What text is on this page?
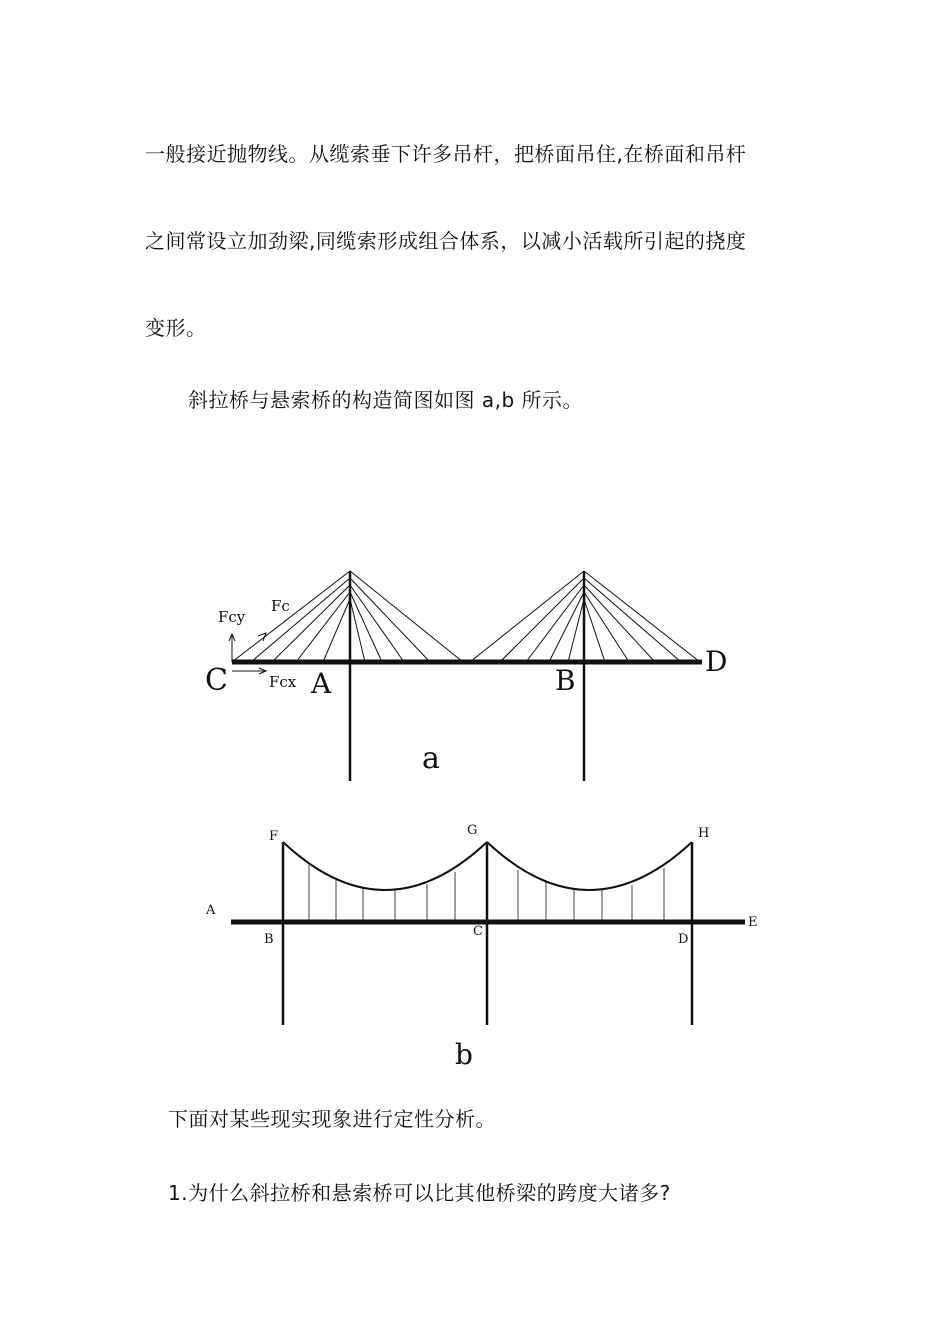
一般接近抛物线。从缆索垂下许多吊杆，把桥面吊住,在桥面和吊杆
之间常设立加劲梁,同缆索形成组合体系，以减小活载所引起的挠度
变形。
斜拉桥与悬索桥的构造简图如图 a,b 所示。
Fcy
Fc
Fcx
C	A	B
D
a
F	G	H
A
B
C
D
E
b
下面对某些现实现象进行定性分析。
1.为什么斜拉桥和悬索桥可以比其他桥梁的跨度大诸多?
